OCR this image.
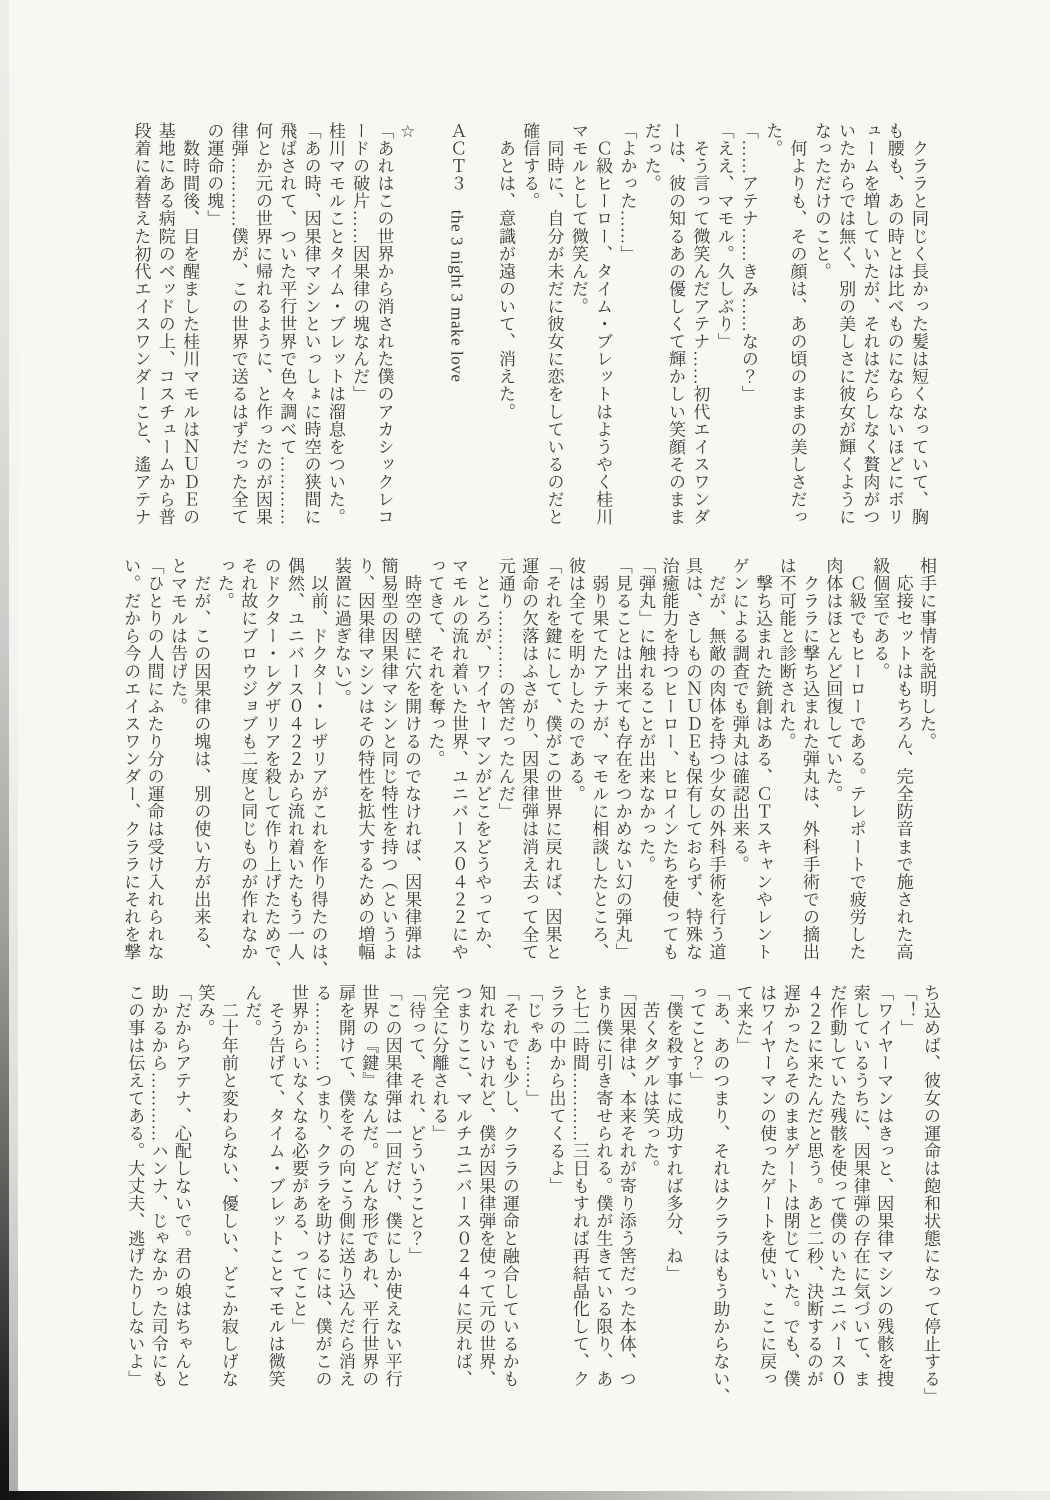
　クララと同じく長かった髪は短くなっていて、胸
も腰も、あの時とは比べものにならないほどにボリ
ュームを増していたが、それはだらしなく贅肉がつ
いたからでは無く、別の美しさに彼女が輝くように
なっただけのこと。
　何よりも、その顔は、あの頃のままの美しさだっ
た。
「……アテナ……きみ……なの？」
「ええ、マモル。久しぶり」
　そう言って微笑んだアテナ……初代エイスワンダ
ーは、彼の知るあの優しくて輝かしい笑顔そのまま
だった。
「よかった……」
　Ｃ級ヒーロー、タイム・ブレットはようやく桂川
マモルとして微笑んだ。
　同時に、自分が未だに彼女に恋をしているのだと
確信する。
　あとは、意識が遠のいて、消えた。

ＡＣＴ３　the 3 night 3 make love

☆
「あれはこの世界から消された僕のアカシックレコ
ードの破片……因果律の塊なんだ」
桂川マモルことタイム・ブレットは溜息をついた。
「あの時、因果律マシンといっしょに時空の狭間に
飛ばされて、ついた平行世界で色々調べて…………
何とか元の世界に帰れるように、と作ったのが因果
律弾…………僕が、この世界で送るはずだった全て
の運命の塊」
　数時間後、目を醒ました桂川マモルはＮＵＤＥの
基地にある病院のベッドの上、コスチュームから普
段着に着替えた初代エイスワンダーこと、遙アテナ
相手に事情を説明した。
　応接セットはもちろん、完全防音まで施された高
級個室である。
　Ｃ級でもヒーローである。テレポートで疲労した
肉体はほとんど回復していた。
　クララに撃ち込まれた弾丸は、外科手術での摘出
は不可能と診断された。
　撃ち込まれた銃創はある、ＣＴスキャンやレント
ゲンによる調査でも弾丸は確認出来る。
　だが、無敵の肉体を持つ少女の外科手術を行う道
具は、さしものＮＵＤＥも保有しておらず、特殊な
治癒能力を持つヒーロー、ヒロインたちを使っても
「弾丸」に触れることが出来なかった。
「見ることは出来ても存在をつかめない幻の弾丸」
　弱り果てたアテナが、マモルに相談したところ、
彼は全てを明かしたのである。
「それを鍵にして、僕がこの世界に戻れば、因果と
運命の欠落はふさがり、因果律弾は消え去って全て
元通り…………の筈だったんだ」
　ところが、ワイヤーマンがどこをどうやってか、
マモルの流れ着いた世界、ユニバース０４２２にや
ってきて、それを奪った。
　時空の壁に穴を開けるのでなければ、因果律弾は
簡易型の因果律マシンと同じ特性を持つ（というよ
り、因果律マシンはその特性を拡大するための増幅
装置に過ぎない）。
　以前、ドクター・レザリアがこれを作り得たのは、
偶然、ユニバース０４２２から流れ着いたもう一人
のドクター・レグザリアを殺して作り上げたためで、
それ故にブロウジョブも二度と同じものが作れなか
った。
　だが、この因果律の塊は、別の使い方が出来る、
とマモルは告げた。
「ひとりの人間にふたり分の運命は受け入れられな
い。だから今のエイスワンダー、クララにそれを撃
ち込めば、彼女の運命は飽和状態になって停止する」
「！」
「ワイヤーマンはきっと、因果律マシンの残骸を捜
索しているうちに、因果律弾の存在に気づいて、ま
だ作動していた残骸を使って僕のいたユニバース０
４２２に来たんだと思う。あと二秒、決断するのが
遅かったらそのままゲートは閉じていた。でも、僕
はワイヤーマンの使ったゲートを使い、ここに戻っ
て来た」
「あ、あのつまり、それはクララはもう助からない、
ってこと？」
「僕を殺す事に成功すれば多分、ね」
　苦くタグルは笑った。
「因果律は、本来それが寄り添う筈だった本体、つ
まり僕に引き寄せられる。僕が生きている限り、あ
と七二時間…………三日もすれば再結晶化して、ク
ララの中から出てくるよ」
「じゃあ……」
「それでも少し、クララの運命と融合しているかも
知れないけれど、僕が因果律弾を使って元の世界、
つまりここ、マルチユニバース０２４４に戻れば、
完全に分離される」
「待って、それ、どういうこと？」
「この因果律弾は一回だけ、僕にしか使えない平行
世界の『鍵』なんだ。どんな形であれ、平行世界の
扉を開けて、僕をその向こう側に送り込んだら消え
る…………つまり、クララを助けるには、僕がこの
世界からいなくなる必要がある、ってこと」
　そう告げて、タイム・ブレットことマモルは微笑
んだ。
　二十年前と変わらない、優しい、どこか寂しげな
笑み。
「だからアテナ、心配しないで。君の娘はちゃんと
助かるから…………ハンナ、じゃなかった司令にも
この事は伝えてある。大丈夫、逃げたりしないよ」
